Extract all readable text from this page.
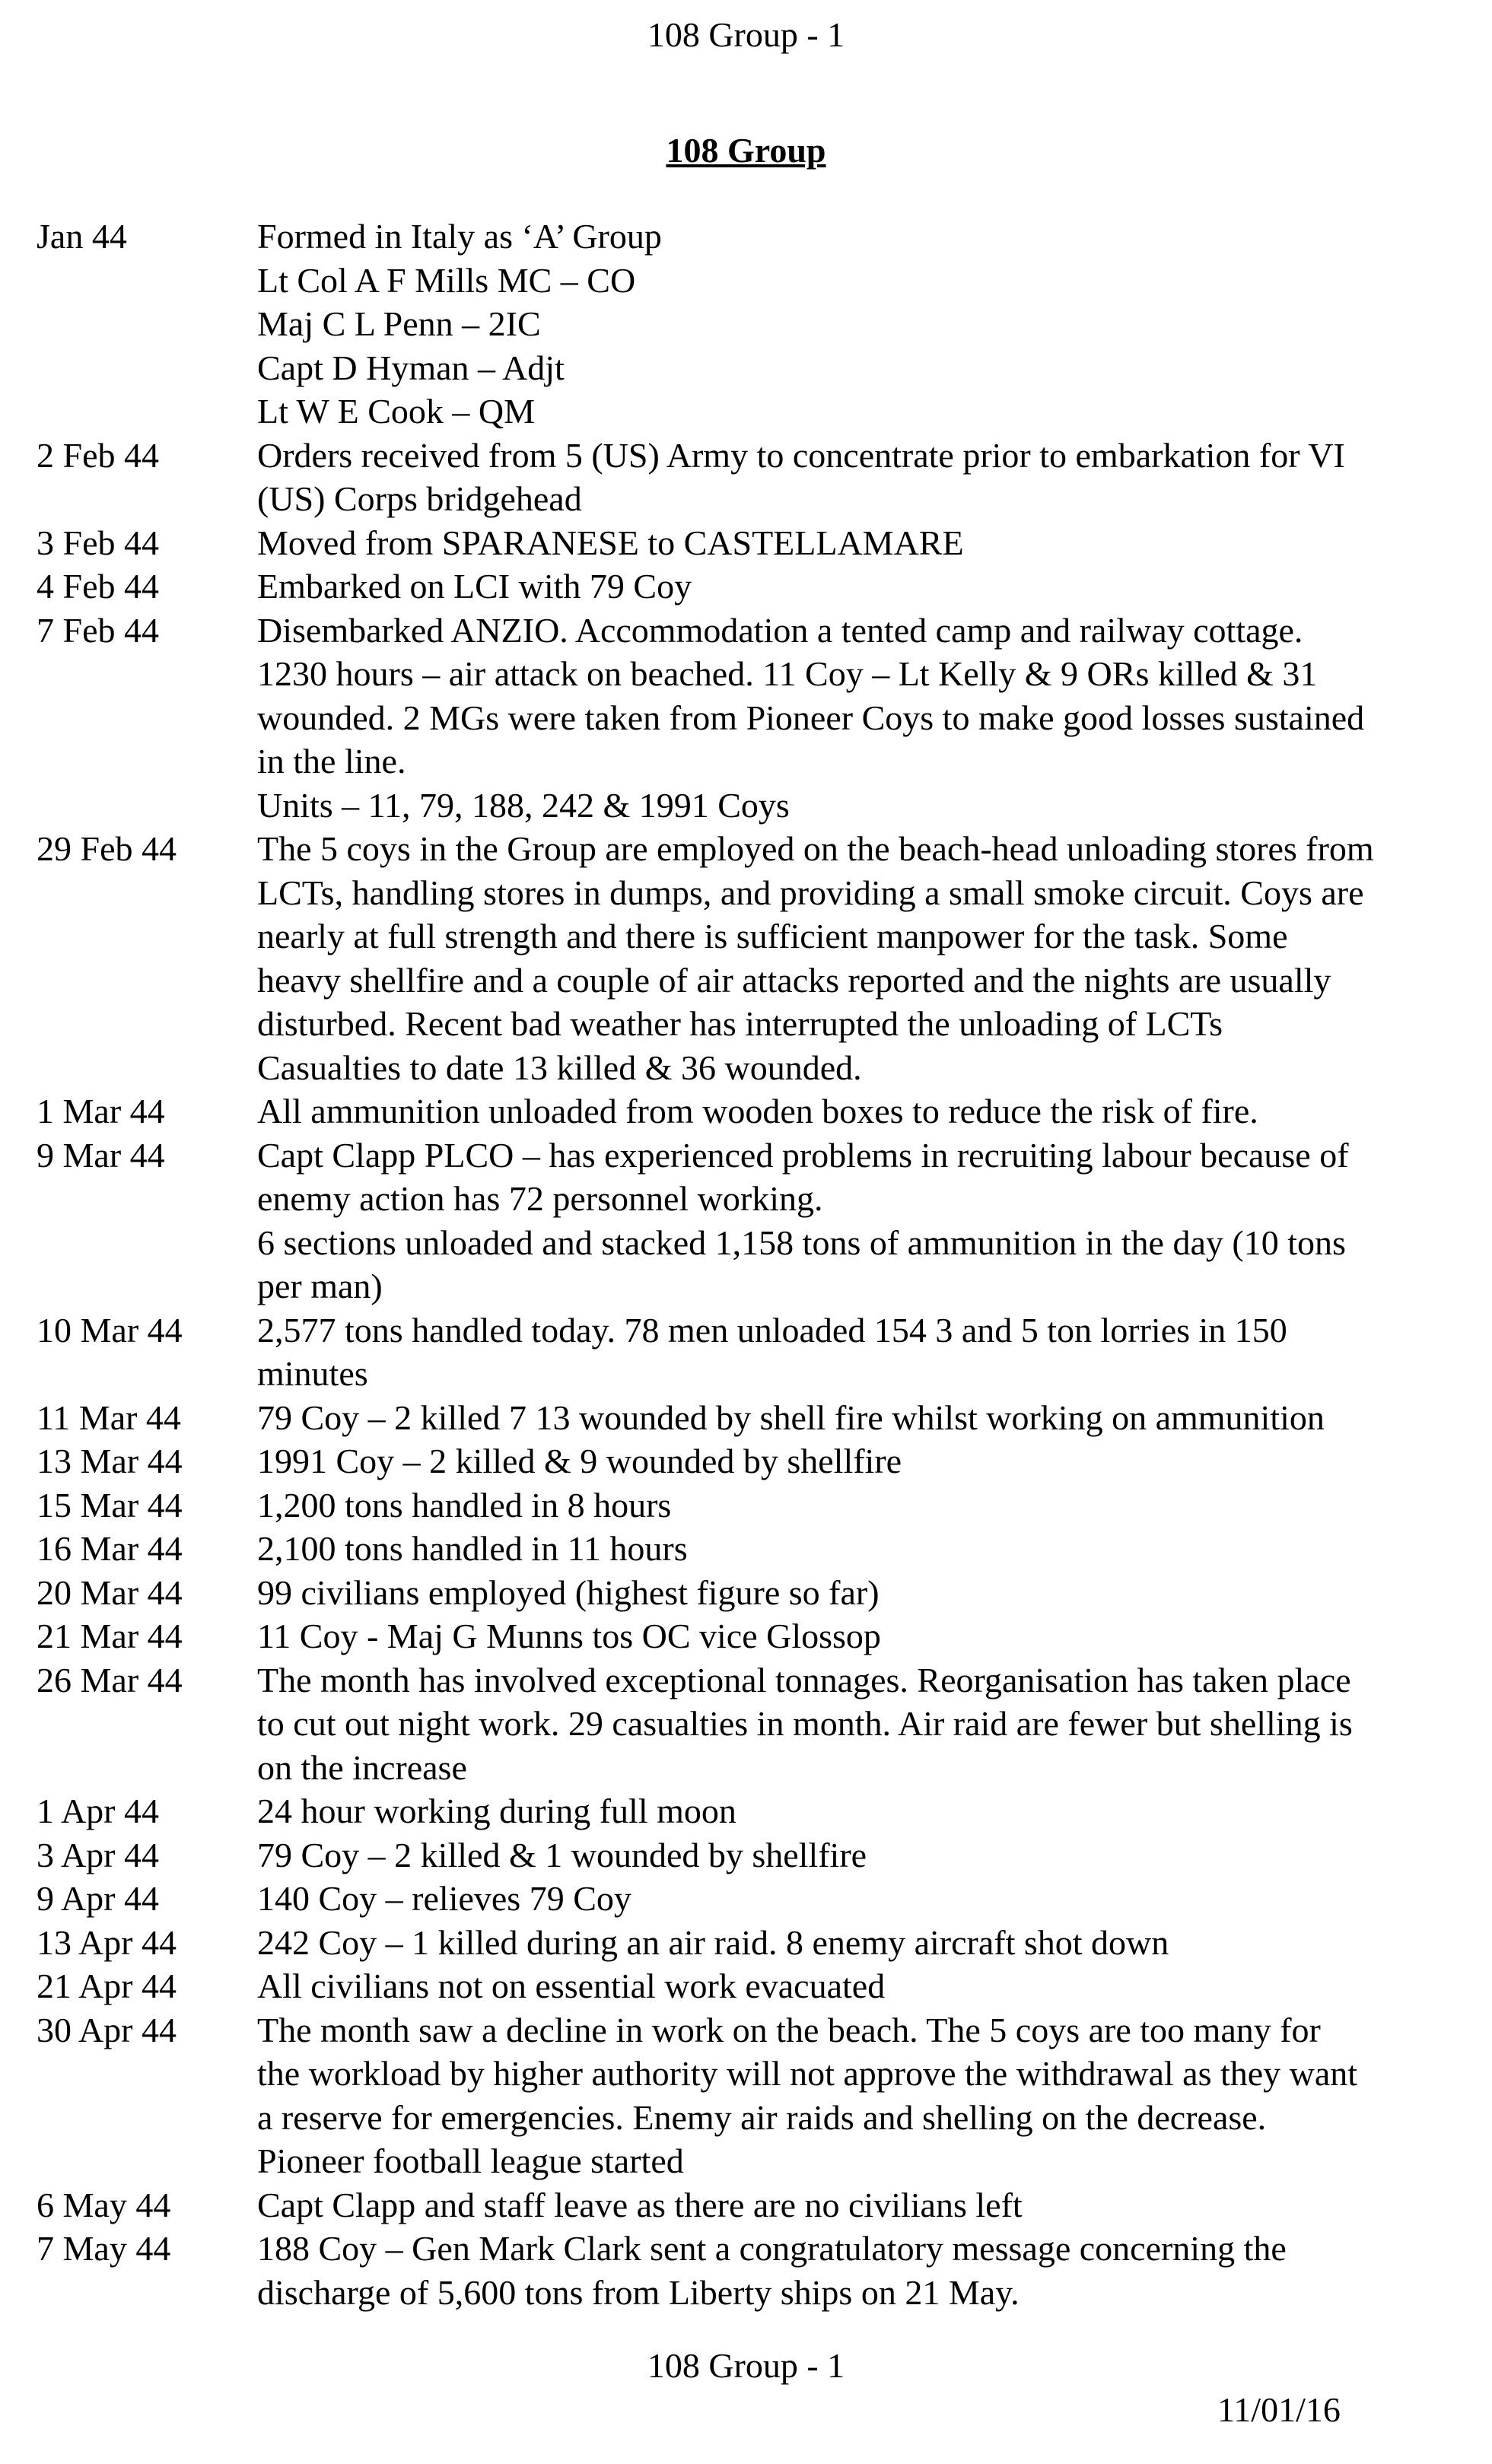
108 Group - 1
108 Group
Jan 44	Formed in Italy as ‘A’ Group
Lt Col A F Mills MC – CO
Maj C L Penn – 2IC
Capt D Hyman – Adjt
Lt W E Cook – QM
2 Feb 44	Orders received from 5 (US) Army to concentrate prior to embarkation for VI
(US) Corps bridgehead
3 Feb 44	Moved from SPARANESE to CASTELLAMARE
4 Feb 44	Embarked on LCI with 79 Coy
7 Feb 44	Disembarked ANZIO. Accommodation a tented camp and railway cottage.
1230 hours – air attack on beached. 11 Coy – Lt Kelly & 9 ORs killed & 31
wounded. 2 MGs were taken from Pioneer Coys to make good losses sustained
in the line.
Units – 11, 79, 188, 242 & 1991 Coys
29 Feb 44	The 5 coys in the Group are employed on the beach-head unloading stores from
LCTs, handling stores in dumps, and providing a small smoke circuit. Coys are
nearly at full strength and there is sufficient manpower for the task. Some
heavy shellfire and a couple of air attacks reported and the nights are usually
disturbed. Recent bad weather has interrupted the unloading of LCTs
Casualties to date 13 killed & 36 wounded.
1 Mar 44	All ammunition unloaded from wooden boxes to reduce the risk of fire.
9 Mar 44	Capt Clapp PLCO – has experienced problems in recruiting labour because of
enemy action has 72 personnel working.
6 sections unloaded and stacked 1,158 tons of ammunition in the day (10 tons
per man)
10 Mar 44	2,577 tons handled today. 78 men unloaded 154 3 and 5 ton lorries in 150
minutes
11 Mar 44	79 Coy – 2 killed 7 13 wounded by shell fire whilst working on ammunition
13 Mar 44	1991 Coy – 2 killed & 9 wounded by shellfire
15 Mar 44	1,200 tons handled in 8 hours
16 Mar 44	2,100 tons handled in 11 hours
20 Mar 44	99 civilians employed (highest figure so far)
21 Mar 44	11 Coy - Maj G Munns tos OC vice Glossop
26 Mar 44	The month has involved exceptional tonnages. Reorganisation has taken place
to cut out night work. 29 casualties in month. Air raid are fewer but shelling is
on the increase
1 Apr 44	24 hour working during full moon
3 Apr 44	79 Coy – 2 killed & 1 wounded by shellfire
9 Apr 44	140 Coy – relieves 79 Coy
13 Apr 44	242 Coy – 1 killed during an air raid. 8 enemy aircraft shot down
21 Apr 44	All civilians not on essential work evacuated
30 Apr 44	The month saw a decline in work on the beach. The 5 coys are too many for
the workload by higher authority will not approve the withdrawal as they want
a reserve for emergencies. Enemy air raids and shelling on the decrease.
Pioneer football league started
6 May 44	Capt Clapp and staff leave as there are no civilians left
7 May 44	188 Coy – Gen Mark Clark sent a congratulatory message concerning the
discharge of 5,600 tons from Liberty ships on 21 May.
108 Group - 1
11/01/16
